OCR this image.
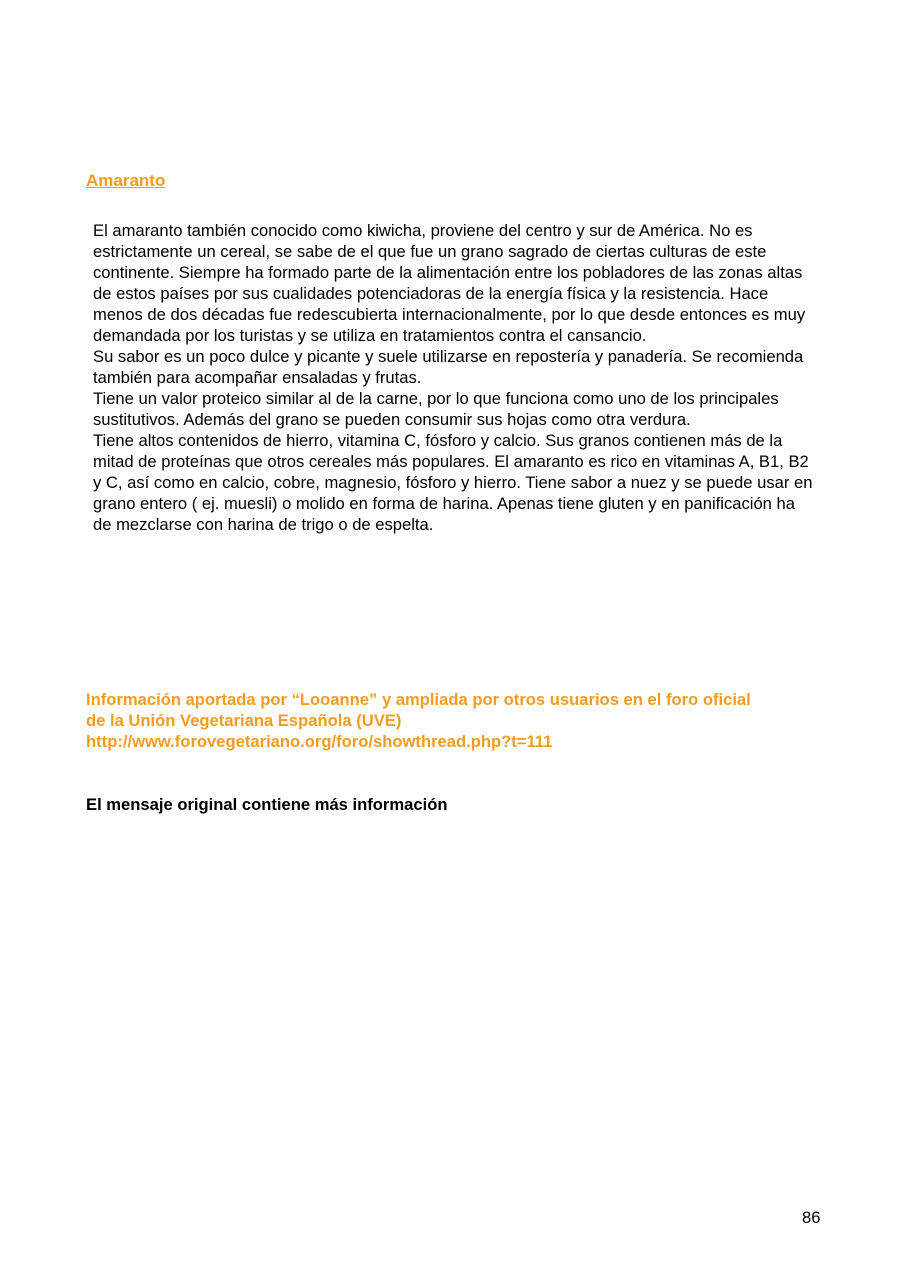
Amaranto

El amaranto también conocido como kiwicha, proviene del centro y sur de América. No es estrictamente un cereal, se sabe de el que fue un grano sagrado de ciertas culturas de este continente. Siempre ha formado parte de la alimentación entre los pobladores de las zonas altas de estos países por sus cualidades potenciadoras de la energía física y la resistencia. Hace menos de dos décadas fue redescubierta internacionalmente, por lo que desde entonces es muy demandada por los turistas y se utiliza en tratamientos contra el cansancio.

Su sabor es un poco dulce y picante y suele utilizarse en repostería y panadería. Se recomienda también para acompañar ensaladas y frutas.

Tiene un valor proteico similar al de la carne, por lo que funciona como uno de los principales sustitutivos. Además del grano se pueden consumir sus hojas como otra verdura.

Tiene altos contenidos de hierro, vitamina C, fósforo y calcio. Sus granos contienen más de la mitad de proteínas que otros cereales más populares. El amaranto es rico en vitaminas A, B1, B2 y C, así como en calcio, cobre, magnesio, fósforo y hierro. Tiene sabor a nuez y se puede usar en grano entero ( ej. muesli) o molido en forma de harina. Apenas tiene gluten y en panificación ha de mezclarse con harina de trigo o de espelta.

Información aportada por “Looanne” y ampliada por otros usuarios en el foro oficial
de la Unión Vegetariana Española (UVE)
http://www.forovegetariano.org/foro/showthread.php?t=111

El mensaje original contiene más información

86
